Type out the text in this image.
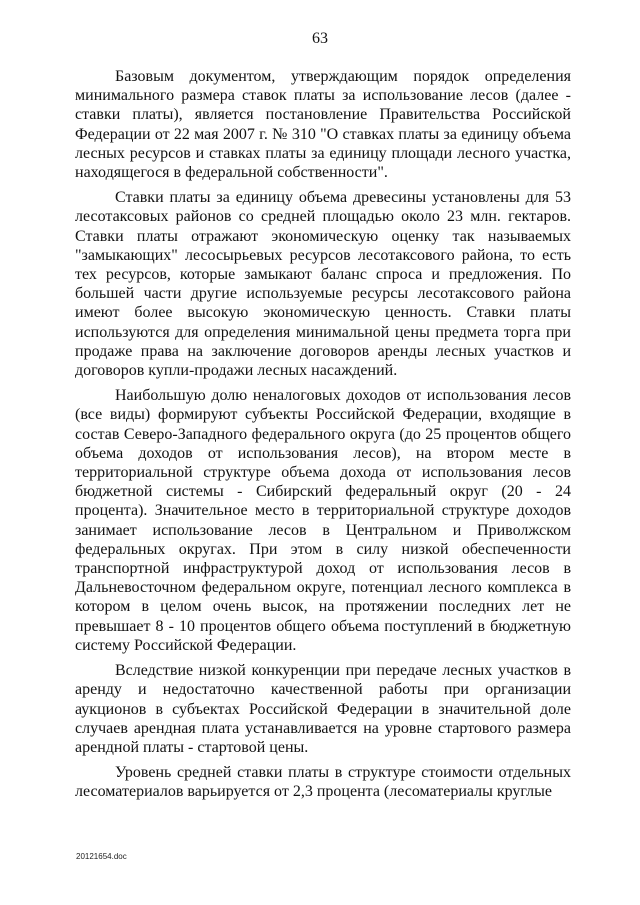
63

Базовым документом, утверждающим порядок определения минимального размера ставок платы за использование лесов (далее - ставки платы), является постановление Правительства Российской Федерации от 22 мая 2007 г. № 310 "О ставках платы за единицу объема лесных ресурсов и ставках платы за единицу площади лесного участка, находящегося в федеральной собственности".

Ставки платы за единицу объема древесины установлены для 53 лесотаксовых районов со средней площадью около 23 млн. гектаров. Ставки платы отражают экономическую оценку так называемых "замыкающих" лесосырьевых ресурсов лесотаксового района, то есть тех ресурсов, которые замыкают баланс спроса и предложения. По большей части другие используемые ресурсы лесотаксового района имеют более высокую экономическую ценность. Ставки платы используются для определения минимальной цены предмета торга при продаже права на заключение договоров аренды лесных участков и договоров купли-продажи лесных насаждений.

Наибольшую долю неналоговых доходов от использования лесов (все виды) формируют субъекты Российской Федерации, входящие в состав Северо-Западного федерального округа (до 25 процентов общего объема доходов от использования лесов), на втором месте в территориальной структуре объема дохода от использования лесов бюджетной системы - Сибирский федеральный округ (20 - 24 процента). Значительное место в территориальной структуре доходов занимает использование лесов в Центральном и Приволжском федеральных округах. При этом в силу низкой обеспеченности транспортной инфраструктурой доход от использования лесов в Дальневосточном федеральном округе, потенциал лесного комплекса в котором в целом очень высок, на протяжении последних лет не превышает 8 - 10 процентов общего объема поступлений в бюджетную систему Российской Федерации.

Вследствие низкой конкуренции при передаче лесных участков в аренду и недостаточно качественной работы при организации аукционов в субъектах Российской Федерации в значительной доле случаев арендная плата устанавливается на уровне стартового размера арендной платы - стартовой цены.

Уровень средней ставки платы в структуре стоимости отдельных лесоматериалов варьируется от 2,3 процента (лесоматериалы круглые

20121654.doc
